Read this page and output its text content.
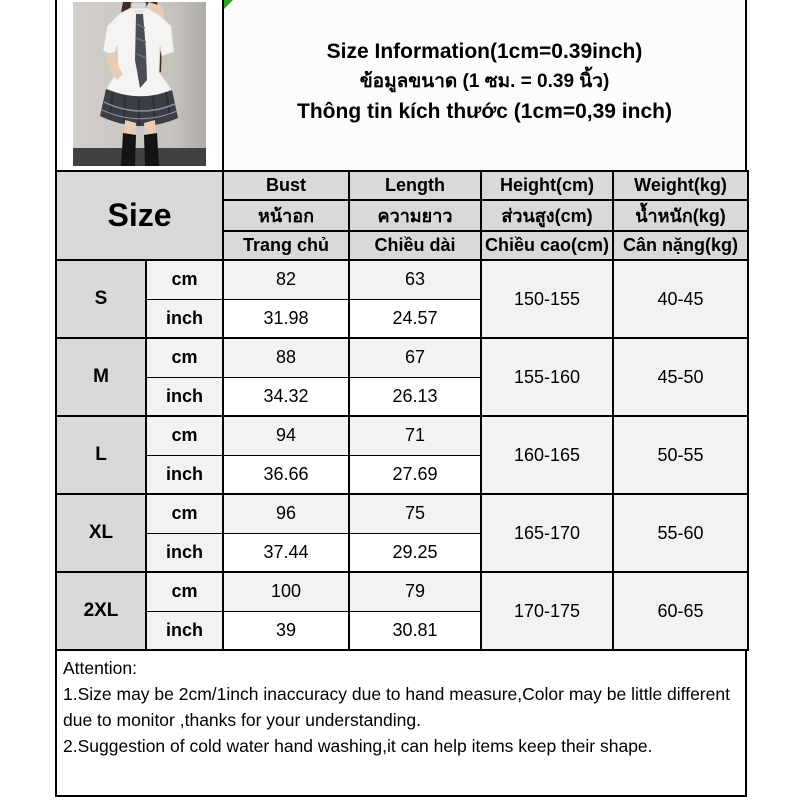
Size Information(1cm=0.39inch)
ข้อมูลขนาด (1 ซม. = 0.39 นิ้ว)
Thông tin kích thước (1cm=0,39 inch)
Size		Bust	Length	Height(cm)	Weight(kg)
		หน้าอก	ความยาว	ส่วนสูง(cm)	น้ำหนัก(kg)
		Trang chủ	Chiều dài	Chiều cao(cm)	Cân nặng(kg)
S	cm	82	63	150-155	40-45
	inch	31.98	24.57		
M	cm	88	67	155-160	45-50
	inch	34.32	26.13		
L	cm	94	71	160-165	50-55
	inch	36.66	27.69		
XL	cm	96	75	165-170	55-60
	inch	37.44	29.25		
2XL	cm	100	79	170-175	60-65
	inch	39	30.81		
Attention:
1.Size may be 2cm/1inch inaccuracy due to hand measure,Color may be little different due to monitor ,thanks for your understanding.
2.Suggestion of cold water hand washing,it can help items keep their shape.
